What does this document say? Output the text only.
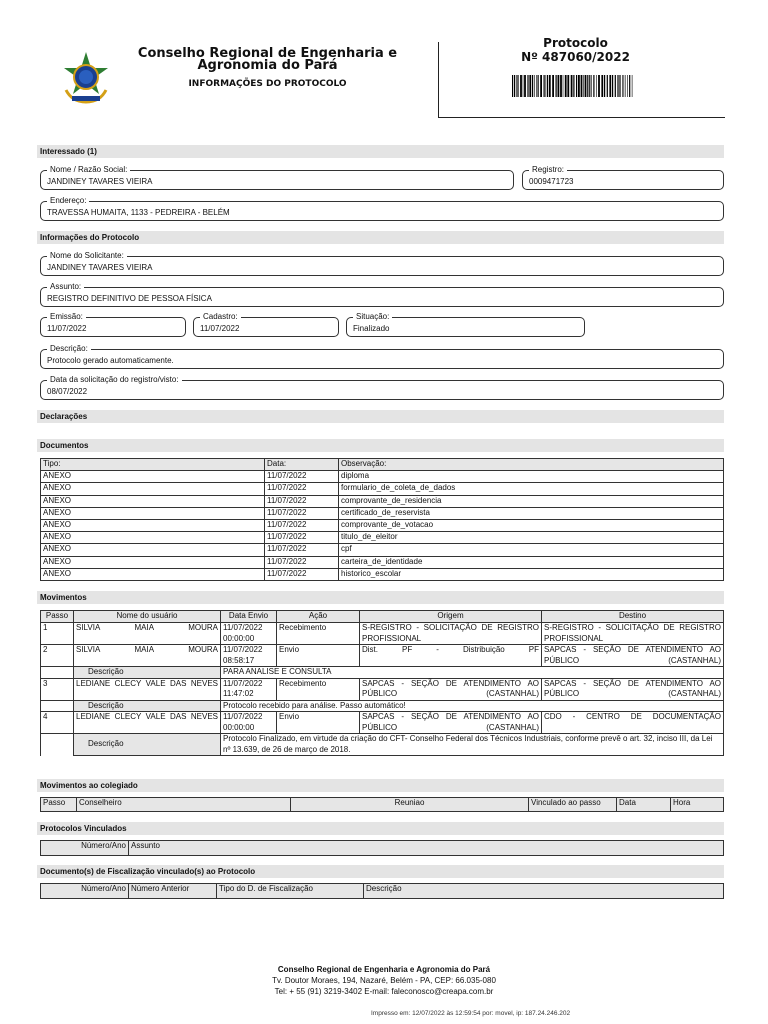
Conselho Regional de Engenharia e Agronomia do Pará
INFORMAÇÕES DO PROTOCOLO
Protocolo
Nº 487060/2022
Interessado (1)
Nome / Razão Social:
JANDINEY TAVARES VIEIRA
Registro:
0009471723
Endereço:
TRAVESSA HUMAITA, 1133 - PEDREIRA - BELÉM
Informações do Protocolo
Nome do Solicitante:
JANDINEY TAVARES VIEIRA
Assunto:
REGISTRO DEFINITIVO DE PESSOA FÍSICA
Emissão:
11/07/2022
Cadastro:
11/07/2022
Situação:
Finalizado
Descrição:
Protocolo gerado automaticamente.
Data da solicitação do registro/visto:
08/07/2022
Declarações
Documentos
Tipo:	Data:	Observação:
ANEXO	11/07/2022	diploma
ANEXO	11/07/2022	formulario_de_coleta_de_dados
ANEXO	11/07/2022	comprovante_de_residencia
ANEXO	11/07/2022	certificado_de_reservista
ANEXO	11/07/2022	comprovante_de_votacao
ANEXO	11/07/2022	titulo_de_eleitor
ANEXO	11/07/2022	cpf
ANEXO	11/07/2022	carteira_de_identidade
ANEXO	11/07/2022	historico_escolar
Movimentos
Passo	Nome do usuário	Data Envio	Ação	Origem	Destino
1	SILVIA MAIA MOURA	11/07/2022 00:00:00	Recebimento	S-REGISTRO - SOLICITAÇÃO DE REGISTRO PROFISSIONAL	S-REGISTRO - SOLICITAÇÃO DE REGISTRO PROFISSIONAL
2	SILVIA MAIA MOURA	11/07/2022 08:58:17	Envio	Dist. PF - Distribuição PF	SAPCAS - SEÇÃO DE ATENDIMENTO AO PÚBLICO (CASTANHAL)
	Descrição	PARA ANALISE E CONSULTA			
3	LEDIANE CLECY VALE DAS NEVES	11/07/2022 11:47:02	Recebimento	SAPCAS - SEÇÃO DE ATENDIMENTO AO PÚBLICO (CASTANHAL)	SAPCAS - SEÇÃO DE ATENDIMENTO AO PÚBLICO (CASTANHAL)
	Descrição	Protocolo recebido para análise. Passo automático!			
4	LEDIANE CLECY VALE DAS NEVES	11/07/2022 00:00:00	Envio	SAPCAS - SEÇÃO DE ATENDIMENTO AO PÚBLICO (CASTANHAL)	CDO - CENTRO DE DOCUMENTAÇÃO
	Descrição	Protocolo Finalizado, em virtude da criação do CFT- Conselho Federal dos Técnicos Industriais, conforme prevê o art. 32, inciso III, da Lei nº 13.639, de 26 de março de 2018.			
Movimentos ao colegiado
Passo	Conselheiro	Reuniao	Vinculado ao passo	Data	Hora
Protocolos Vinculados
Número/Ano	Assunto
Documento(s) de Fiscalização vinculado(s) ao Protocolo
Número/Ano	Número Anterior	Tipo do D. de Fiscalização	Descrição
Conselho Regional de Engenharia e Agronomia do Pará
Tv. Doutor Moraes, 194, Nazaré, Belém - PA, CEP: 66.035-080
Tel: + 55 (91) 3219-3402 E-mail: faleconosco@creapa.com.br
Impresso em: 12/07/2022 às 12:59:54 por: movel, ip: 187.24.246.202
